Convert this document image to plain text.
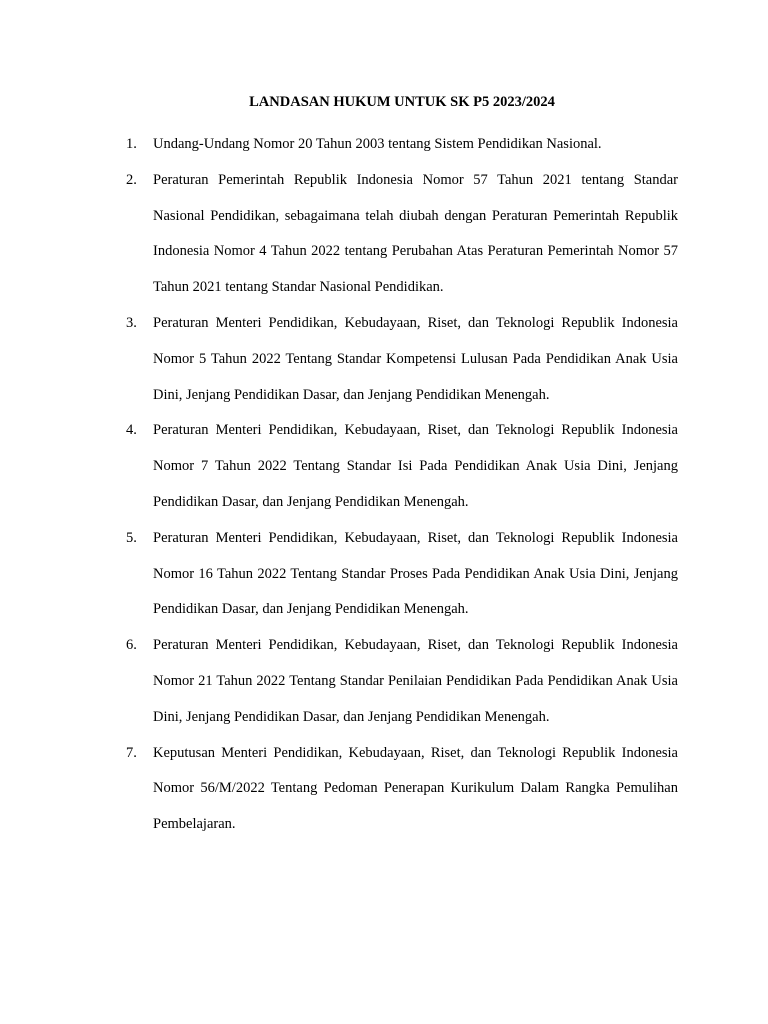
LANDASAN HUKUM UNTUK SK P5 2023/2024
1. Undang-Undang Nomor 20 Tahun 2003 tentang Sistem Pendidikan Nasional.
2. Peraturan Pemerintah Republik Indonesia Nomor 57 Tahun 2021 tentang Standar Nasional Pendidikan, sebagaimana telah diubah dengan Peraturan Pemerintah Republik Indonesia Nomor 4 Tahun 2022 tentang Perubahan Atas Peraturan Pemerintah Nomor 57 Tahun 2021 tentang Standar Nasional Pendidikan.
3. Peraturan Menteri Pendidikan, Kebudayaan, Riset, dan Teknologi Republik Indonesia Nomor 5 Tahun 2022 Tentang Standar Kompetensi Lulusan Pada Pendidikan Anak Usia Dini, Jenjang Pendidikan Dasar, dan Jenjang Pendidikan Menengah.
4. Peraturan Menteri Pendidikan, Kebudayaan, Riset, dan Teknologi Republik Indonesia Nomor 7 Tahun 2022 Tentang Standar Isi Pada Pendidikan Anak Usia Dini, Jenjang Pendidikan Dasar, dan Jenjang Pendidikan Menengah.
5. Peraturan Menteri Pendidikan, Kebudayaan, Riset, dan Teknologi Republik Indonesia Nomor 16 Tahun 2022 Tentang Standar Proses Pada Pendidikan Anak Usia Dini, Jenjang Pendidikan Dasar, dan Jenjang Pendidikan Menengah.
6. Peraturan Menteri Pendidikan, Kebudayaan, Riset, dan Teknologi Republik Indonesia Nomor 21 Tahun 2022 Tentang Standar Penilaian Pendidikan Pada Pendidikan Anak Usia Dini, Jenjang Pendidikan Dasar, dan Jenjang Pendidikan Menengah.
7. Keputusan Menteri Pendidikan, Kebudayaan, Riset, dan Teknologi Republik Indonesia Nomor 56/M/2022 Tentang Pedoman Penerapan Kurikulum Dalam Rangka Pemulihan Pembelajaran.
